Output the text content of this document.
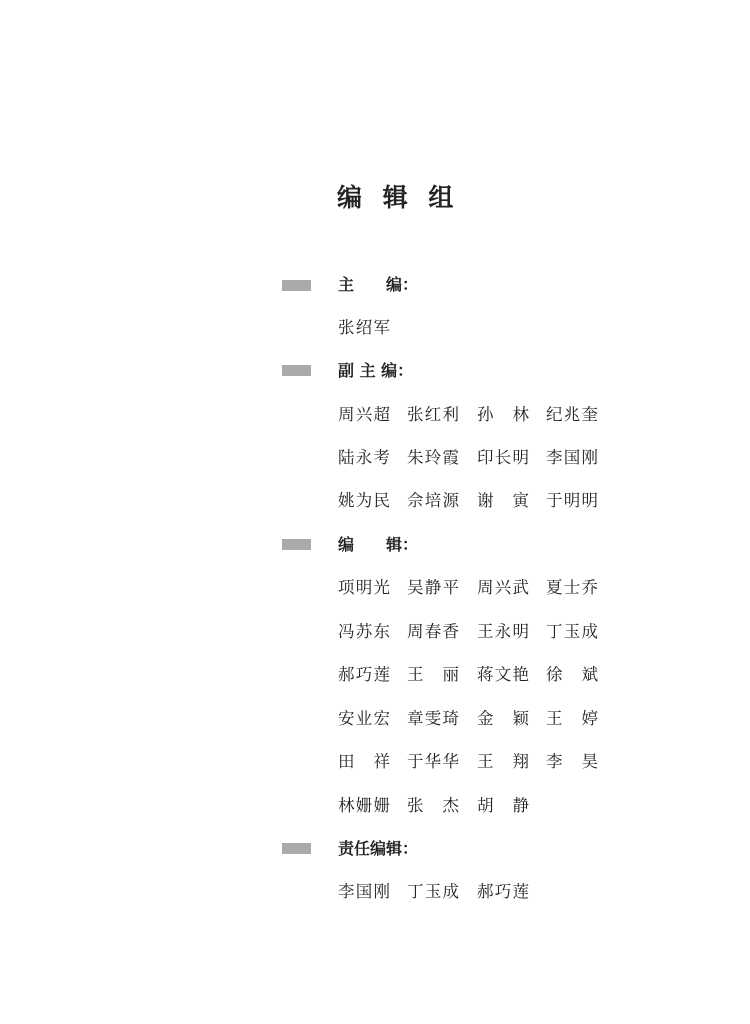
编 辑 组
主　　编：
张绍军
副 主 编：
周兴超 张红利 孙 林 纪兆奎
陆永考 朱玲霞 印长明 李国刚
姚为民 佘培源 谢 寅 于明明
编　　辑：
项明光 吴静平 周兴武 夏士乔
冯苏东 周春香 王永明 丁玉成
郝巧莲 王 丽 蒋文艳 徐 斌
安业宏 章雯琦 金 颖 王 婷
田 祥 于华华 王 翔 李 昊
林姗姗 张 杰 胡 静
责任编辑：
李国刚 丁玉成 郝巧莲
